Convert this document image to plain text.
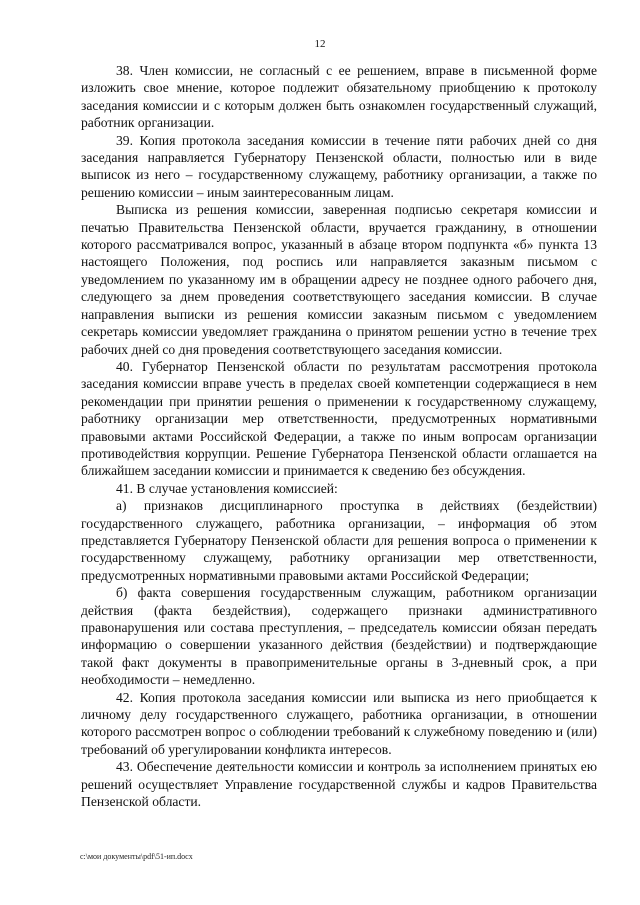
12

38. Член комиссии, не согласный с ее решением, вправе в письменной форме изложить свое мнение, которое подлежит обязательному приобщению к протоколу заседания комиссии и с которым должен быть ознакомлен государственный служащий, работник организации.

39. Копия протокола заседания комиссии в течение пяти рабочих дней со дня заседания направляется Губернатору Пензенской области, полностью или в виде выписок из него – государственному служащему, работнику организации, а также по решению комиссии – иным заинтересованным лицам.

Выписка из решения комиссии, заверенная подписью секретаря комиссии и печатью Правительства Пензенской области, вручается гражданину, в отношении которого рассматривался вопрос, указанный в абзаце втором подпункта «б» пункта 13 настоящего Положения, под роспись или направляется заказным письмом с уведомлением по указанному им в обращении адресу не позднее одного рабочего дня, следующего за днем проведения соответствующего заседания комиссии. В случае направления выписки из решения комиссии заказным письмом с уведомлением секретарь комиссии уведомляет гражданина о принятом решении устно в течение трех рабочих дней со дня проведения соответствующего заседания комиссии.

40. Губернатор Пензенской области по результатам рассмотрения протокола заседания комиссии вправе учесть в пределах своей компетенции содержащиеся в нем рекомендации при принятии решения о применении к государственному служащему, работнику организации мер ответственности, предусмотренных нормативными правовыми актами Российской Федерации, а также по иным вопросам организации противодействия коррупции. Решение Губернатора Пензенской области оглашается на ближайшем заседании комиссии и принимается к сведению без обсуждения.

41. В случае установления комиссией:

а) признаков дисциплинарного проступка в действиях (бездействии) государственного служащего, работника организации, – информация об этом представляется Губернатору Пензенской области для решения вопроса о применении к государственному служащему, работнику организации мер ответственности, предусмотренных нормативными правовыми актами Российской Федерации;

б) факта совершения государственным служащим, работником организации действия (факта бездействия), содержащего признаки административного правонарушения или состава преступления, – председатель комиссии обязан передать информацию о совершении указанного действия (бездействии) и подтверждающие такой факт документы в правоприменительные органы в 3-дневный срок, а при необходимости – немедленно.

42. Копия протокола заседания комиссии или выписка из него приобщается к личному делу государственного служащего, работника организации, в отношении которого рассмотрен вопрос о соблюдении требований к служебному поведению и (или) требований об урегулировании конфликта интересов.

43. Обеспечение деятельности комиссии и контроль за исполнением принятых ею решений осуществляет Управление государственной службы и кадров Правительства Пензенской области.

c:\мои документы\pdf\51-ип.docx
